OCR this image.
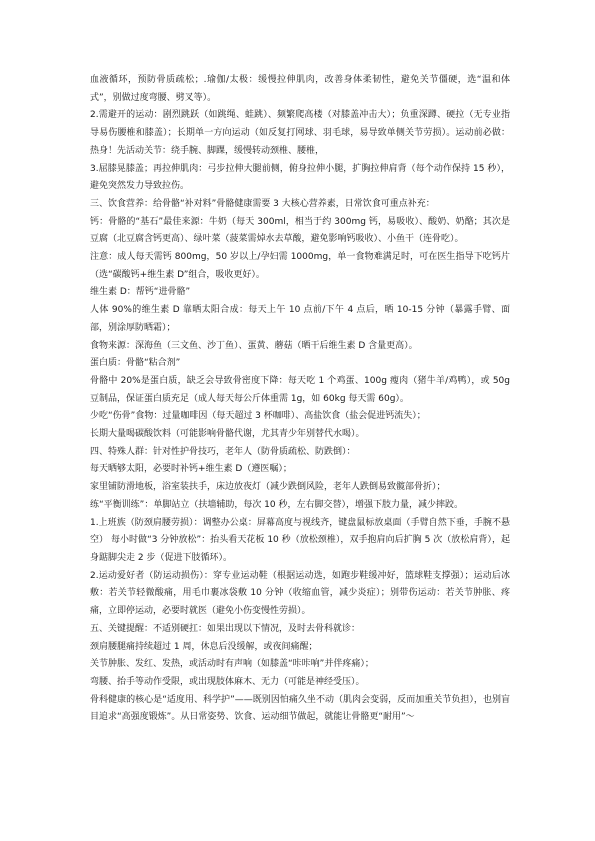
血液循环，预防骨质疏松；.瑜伽/太极：缓慢拉伸肌肉，改善身体柔韧性，避免关节僵硬，选“温和体式”，别做过度弯腰、劈叉等）。

2.需避开的运动：剧烈跳跃（如跳绳、蛙跳）、频繁爬高楼（对膝盖冲击大）；负重深蹲、硬拉（无专业指导易伤腰椎和膝盖）；长期单一方向运动（如反复打网球、羽毛球，易导致单侧关节劳损）。运动前必做：热身！先活动关节：绕手腕、脚踝，缓慢转动颈椎、腰椎，

3.屈膝晃膝盖；再拉伸肌肉：弓步拉伸大腿前侧，俯身拉伸小腿，扩胸拉伸肩背（每个动作保持 15 秒），避免突然发力导致拉伤。

三、饮食营养：给骨骼“补对料”骨骼健康需要 3 大核心营养素，日常饮食可重点补充：

钙：骨骼的“基石”最佳来源：牛奶（每天 300ml，相当于约 300mg 钙，易吸收）、酸奶、奶酪；其次是豆腐（北豆腐含钙更高）、绿叶菜（菠菜需焯水去草酸，避免影响钙吸收）、小鱼干（连骨吃）。

注意：成人每天需钙 800mg，50 岁以上/孕妇需 1000mg，单一食物难满足时，可在医生指导下吃钙片（选“碳酸钙+维生素 D”组合，吸收更好）。

维生素 D：帮钙“进骨骼”

人体 90%的维生素 D 靠晒太阳合成：每天上午 10 点前/下午 4 点后，晒 10-15 分钟（暴露手臂、面部，别涂厚防晒霜）；

食物来源：深海鱼（三文鱼、沙丁鱼）、蛋黄、蘑菇（晒干后维生素 D 含量更高）。

蛋白质：骨骼“粘合剂”

骨骼中 20%是蛋白质，缺乏会导致骨密度下降：每天吃 1 个鸡蛋、100g 瘦肉（猪牛羊/鸡鸭），或 50g 豆制品，保证蛋白质充足（成人每天每公斤体重需 1g，如 60kg 每天需 60g）。

少吃“伤骨”食物：过量咖啡因（每天超过 3 杯咖啡）、高盐饮食（盐会促进钙流失）；

长期大量喝碳酸饮料（可能影响骨骼代谢，尤其青少年别替代水喝）。

四、特殊人群：针对性护骨技巧，老年人（防骨质疏松、防跌倒）：

每天晒够太阳，必要时补钙+维生素 D（遵医嘱）；

家里铺防滑地板，浴室装扶手，床边放夜灯（减少跌倒风险，老年人跌倒易致髋部骨折）；

练“平衡训练”：单脚站立（扶墙辅助，每次 10 秒，左右脚交替），增强下肢力量，减少摔跤。

1.上班族（防颈肩腰劳损）：调整办公桌：屏幕高度与视线齐，键盘鼠标放桌面（手臂自然下垂，手腕不悬空） 每小时做“3 分钟放松”：抬头看天花板 10 秒（放松颈椎），双手抱肩向后扩胸 5 次（放松肩背），起身踮脚尖走 2 步（促进下肢循环）。

2.运动爱好者（防运动损伤）：穿专业运动鞋（根据运动选，如跑步鞋缓冲好，篮球鞋支撑强）；运动后冰敷：若关节轻微酸痛，用毛巾裹冰袋敷 10 分钟（收缩血管，减少炎症）；别带伤运动：若关节肿胀、疼痛，立即停运动，必要时就医（避免小伤变慢性劳损）。

五、关键提醒：不适别硬扛：如果出现以下情况，及时去骨科就诊：

颈肩腰腿痛持续超过 1 周，休息后没缓解，或夜间痛醒；

关节肿胀、发红、发热，或活动时有声响（如膝盖“咔咔响”并伴疼痛）；

弯腰、抬手等动作受限，或出现肢体麻木、无力（可能是神经受压）。

骨科健康的核心是“适度用、科学护”——既别因怕痛久坐不动（肌肉会变弱，反而加重关节负担），也别盲目追求“高强度锻炼”。从日常姿势、饮食、运动细节做起，就能让骨骼更“耐用”～
